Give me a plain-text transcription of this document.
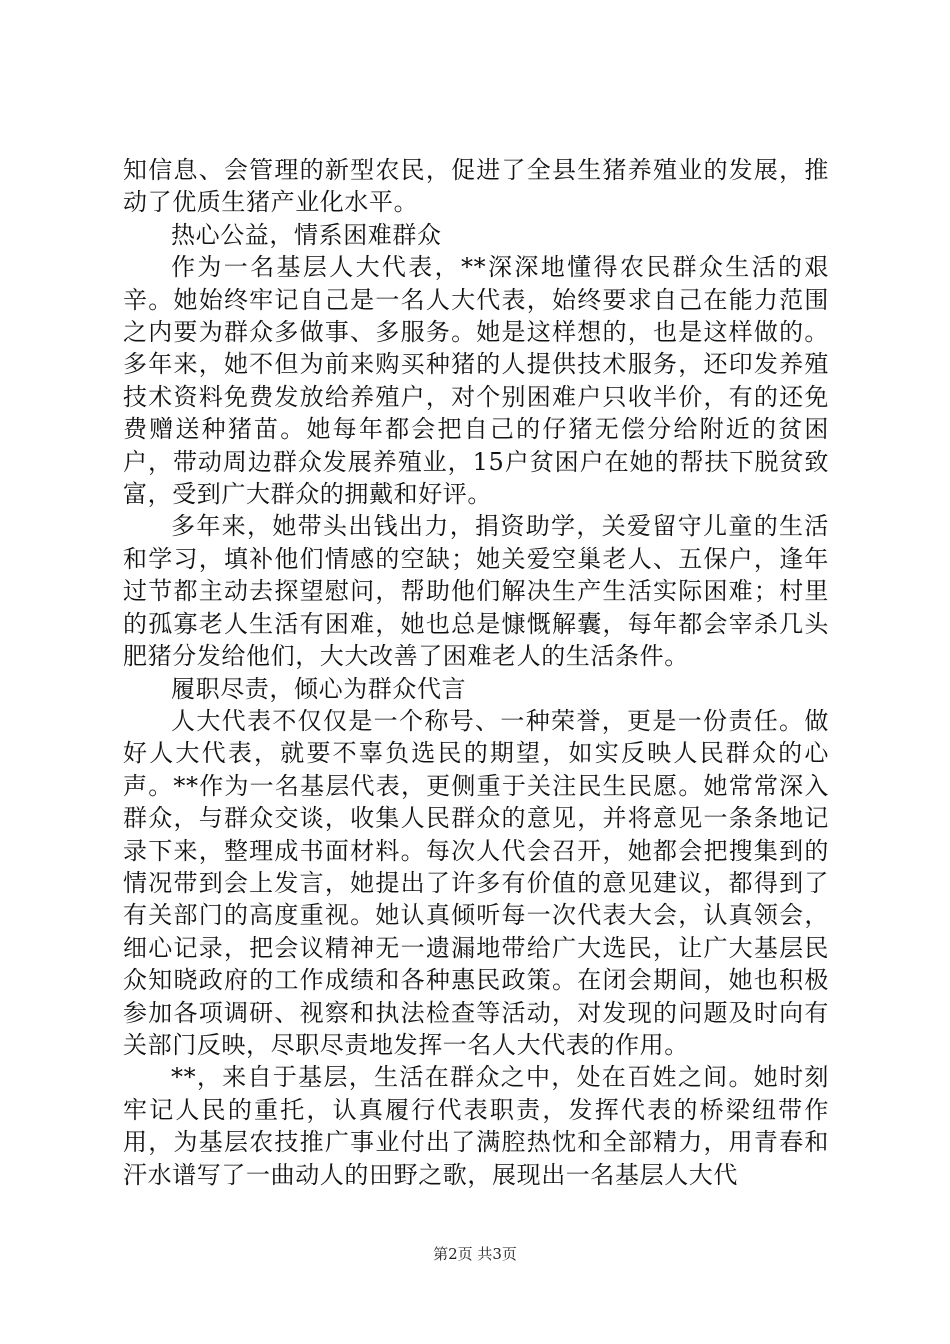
知信息、会管理的新型农民，促进了全县生猪养殖业的发展，推动了优质生猪产业化水平。

热心公益，情系困难群众

作为一名基层人大代表，**深深地懂得农民群众生活的艰辛。她始终牢记自己是一名人大代表，始终要求自己在能力范围之内要为群众多做事、多服务。她是这样想的，也是这样做的。多年来，她不但为前来购买种猪的人提供技术服务，还印发养殖技术资料免费发放给养殖户，对个别困难户只收半价，有的还免费赠送种猪苗。她每年都会把自己的仔猪无偿分给附近的贫困户，带动周边群众发展养殖业，15户贫困户在她的帮扶下脱贫致富，受到广大群众的拥戴和好评。

多年来，她带头出钱出力，捐资助学，关爱留守儿童的生活和学习，填补他们情感的空缺；她关爱空巢老人、五保户，逢年过节都主动去探望慰问，帮助他们解决生产生活实际困难；村里的孤寡老人生活有困难，她也总是慷慨解囊，每年都会宰杀几头肥猪分发给他们，大大改善了困难老人的生活条件。

履职尽责，倾心为群众代言

人大代表不仅仅是一个称号、一种荣誉，更是一份责任。做好人大代表，就要不辜负选民的期望，如实反映人民群众的心声。**作为一名基层代表，更侧重于关注民生民愿。她常常深入群众，与群众交谈，收集人民群众的意见，并将意见一条条地记录下来，整理成书面材料。每次人代会召开，她都会把搜集到的情况带到会上发言，她提出了许多有价值的意见建议，都得到了有关部门的高度重视。她认真倾听每一次代表大会，认真领会，细心记录，把会议精神无一遗漏地带给广大选民，让广大基层民众知晓政府的工作成绩和各种惠民政策。在闭会期间，她也积极参加各项调研、视察和执法检查等活动，对发现的问题及时向有关部门反映，尽职尽责地发挥一名人大代表的作用。

**，来自于基层，生活在群众之中，处在百姓之间。她时刻牢记人民的重托，认真履行代表职责，发挥代表的桥梁纽带作用，为基层农技推广事业付出了满腔热忱和全部精力，用青春和汗水谱写了一曲动人的田野之歌，展现出一名基层人大代

第2页 共3页
